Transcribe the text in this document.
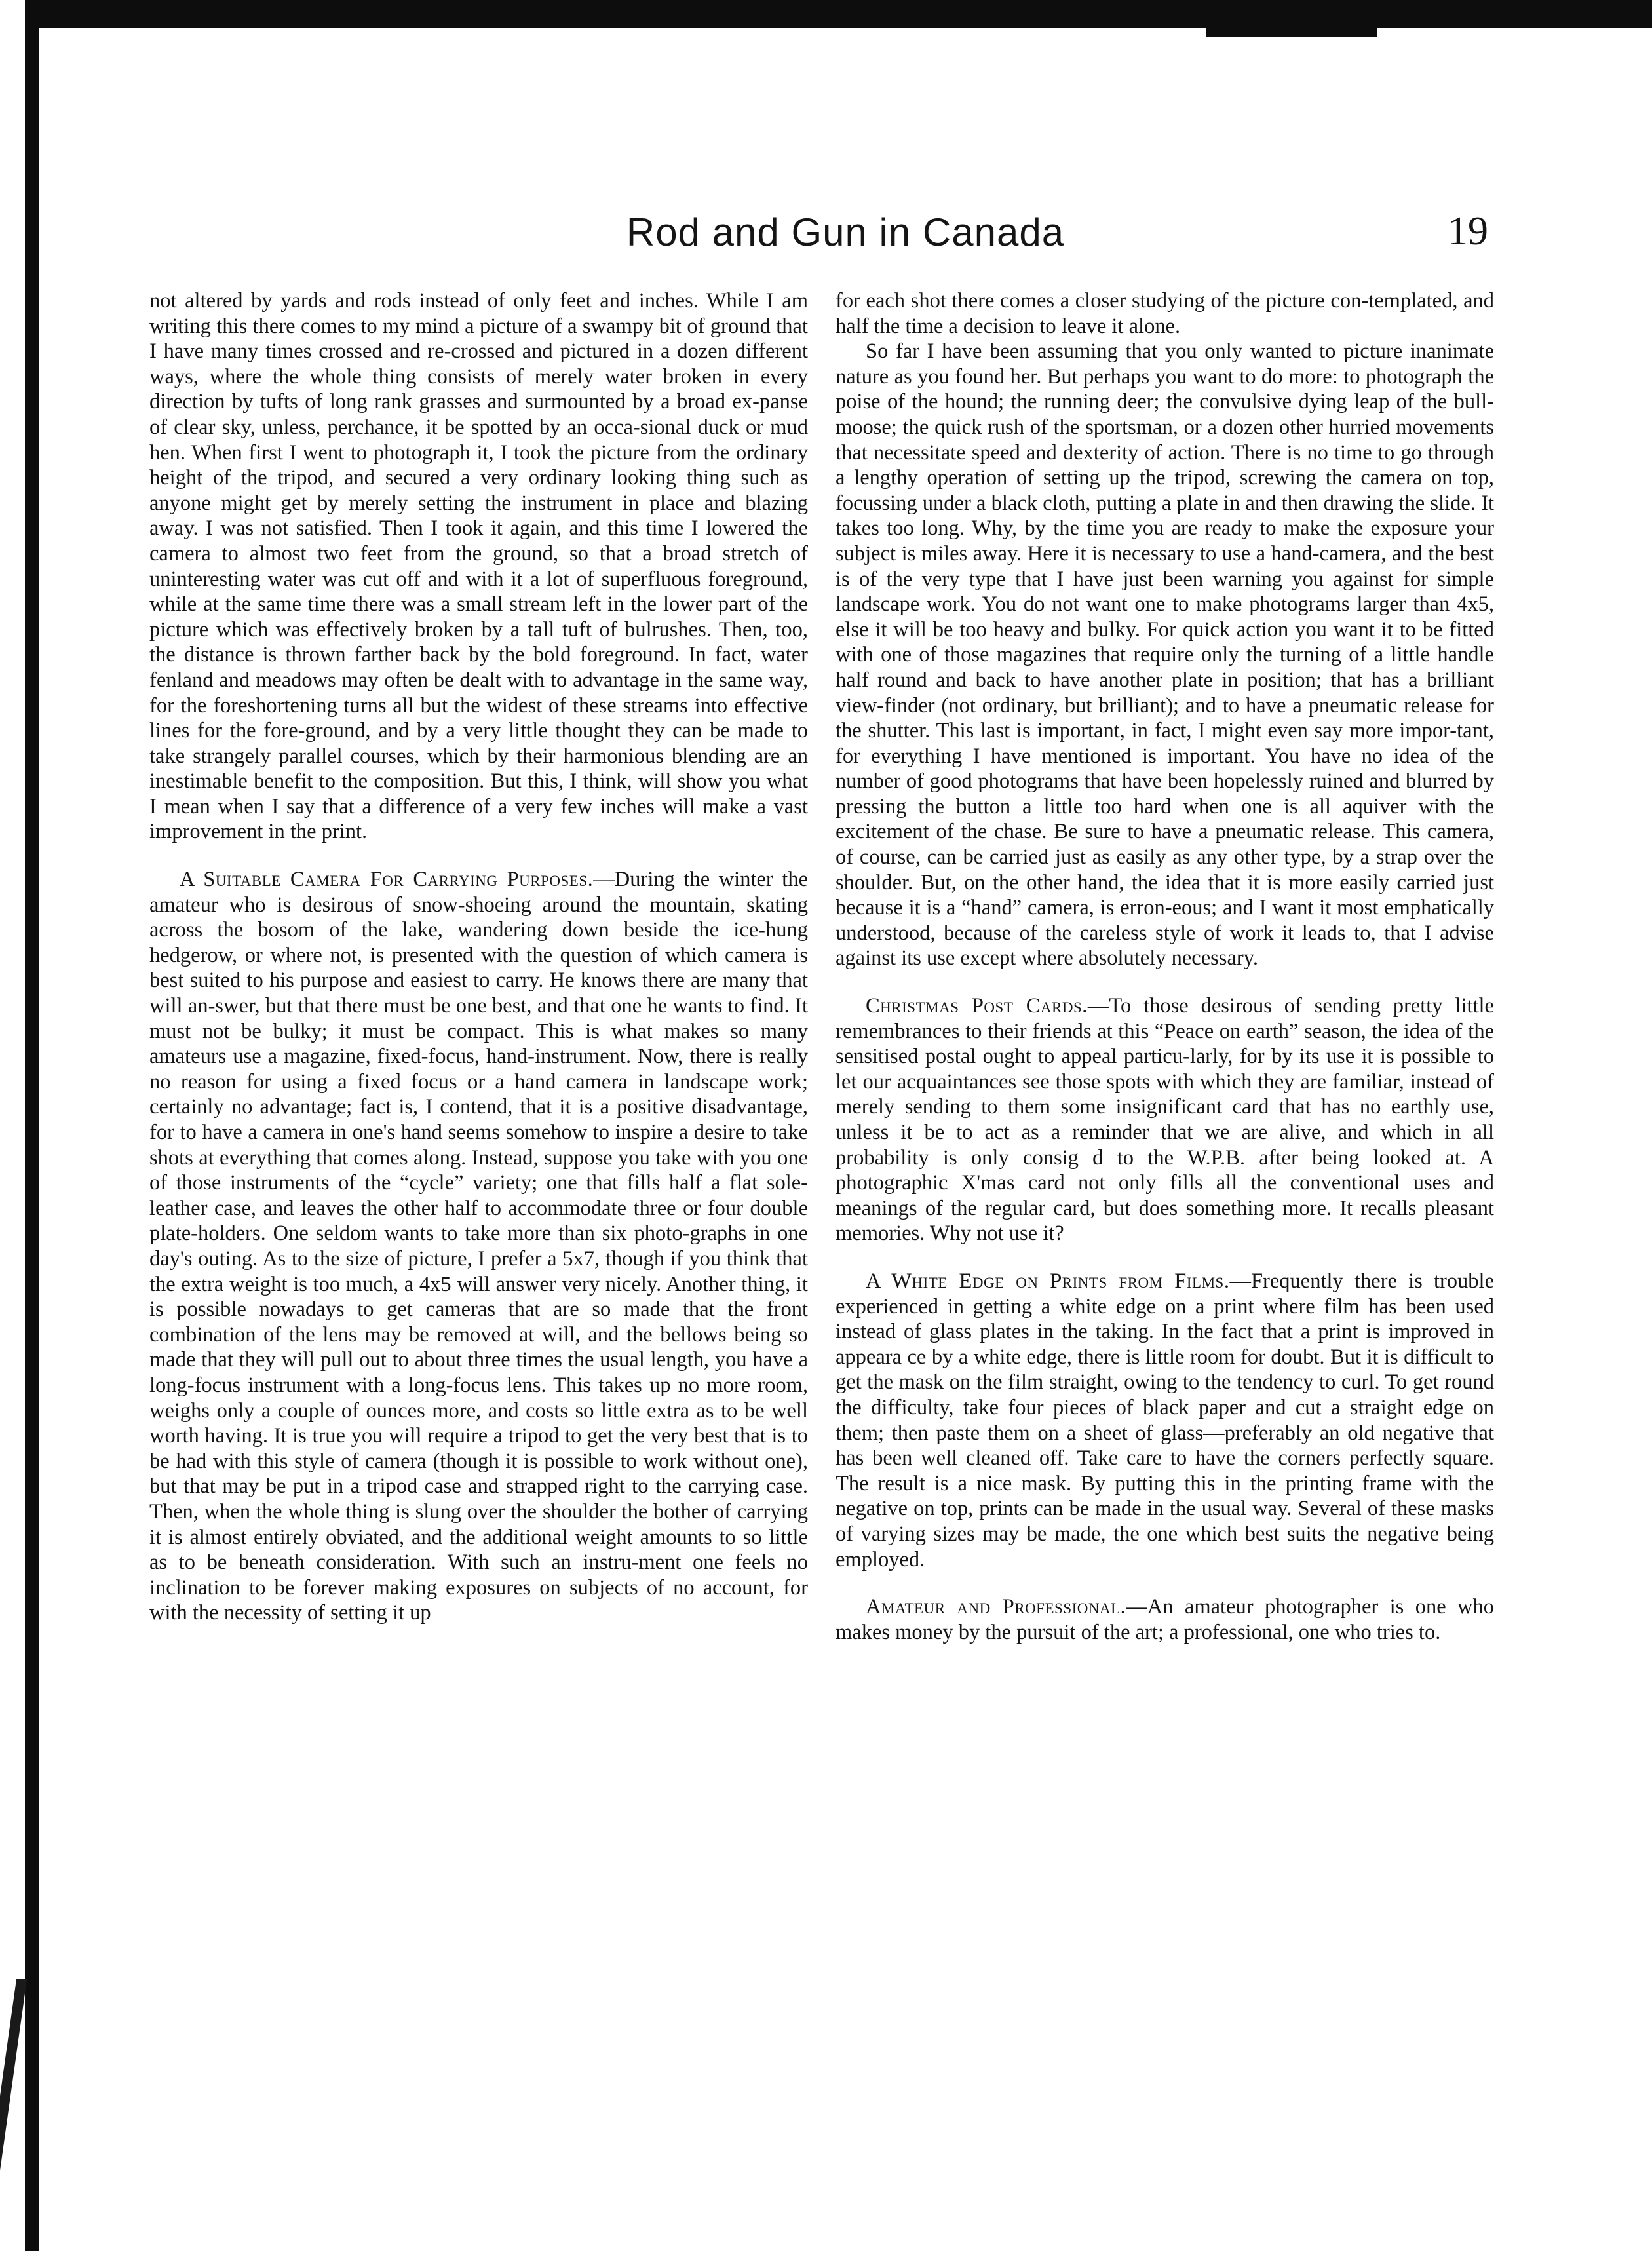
Rod and Gun in Canada	19

not altered by yards and rods instead of only feet and inches. While I am writing this there comes to my mind a picture of a swampy bit of ground that I have many times crossed and re-crossed and pictured in a dozen different ways, where the whole thing consists of merely water broken in every direction by tufts of long rank grasses and surmounted by a broad ex-panse of clear sky, unless, perchance, it be spotted by an occa-sional duck or mud hen. When first I went to photograph it, I took the picture from the ordinary height of the tripod, and secured a very ordinary looking thing such as anyone might get by merely setting the instrument in place and blazing away. I was not satisfied. Then I took it again, and this time I lowered the camera to almost two feet from the ground, so that a broad stretch of uninteresting water was cut off and with it a lot of superfluous foreground, while at the same time there was a small stream left in the lower part of the picture which was effectively broken by a tall tuft of bulrushes. Then, too, the distance is thrown farther back by the bold foreground. In fact, water fenland and meadows may often be dealt with to advantage in the same way, for the foreshortening turns all but the widest of these streams into effective lines for the fore-ground, and by a very little thought they can be made to take strangely parallel courses, which by their harmonious blending are an inestimable benefit to the composition. But this, I think, will show you what I mean when I say that a difference of a very few inches will make a vast improvement in the print.

A Suitable Camera For Carrying Purposes.—During the winter the amateur who is desirous of snow-shoeing around the mountain, skating across the bosom of the lake, wandering down beside the ice-hung hedgerow, or where not, is presented with the question of which camera is best suited to his purpose and easiest to carry. He knows there are many that will an-swer, but that there must be one best, and that one he wants to find. It must not be bulky; it must be compact. This is what makes so many amateurs use a magazine, fixed-focus, hand-instrument. Now, there is really no reason for using a fixed focus or a hand camera in landscape work; certainly no advantage; fact is, I contend, that it is a positive disadvantage, for to have a camera in one's hand seems somehow to inspire a desire to take shots at everything that comes along. Instead, suppose you take with you one of those instruments of the “cycle” variety; one that fills half a flat sole-leather case, and leaves the other half to accommodate three or four double plate-holders. One seldom wants to take more than six photo-graphs in one day's outing. As to the size of picture, I prefer a 5x7, though if you think that the extra weight is too much, a 4x5 will answer very nicely. Another thing, it is possible nowadays to get cameras that are so made that the front combination of the lens may be removed at will, and the bellows being so made that they will pull out to about three times the usual length, you have a long-focus instrument with a long-focus lens. This takes up no more room, weighs only a couple of ounces more, and costs so little extra as to be well worth having. It is true you will require a tripod to get the very best that is to be had with this style of camera (though it is possible to work without one), but that may be put in a tripod case and strapped right to the carrying case. Then, when the whole thing is slung over the shoulder the bother of carrying it is almost entirely obviated, and the additional weight amounts to so little as to be beneath consideration. With such an instru-ment one feels no inclination to be forever making exposures on subjects of no account, for with the necessity of setting it up

for each shot there comes a closer studying of the picture con-templated, and half the time a decision to leave it alone.

So far I have been assuming that you only wanted to picture inanimate nature as you found her. But perhaps you want to do more: to photograph the poise of the hound; the running deer; the convulsive dying leap of the bull-moose; the quick rush of the sportsman, or a dozen other hurried movements that necessitate speed and dexterity of action. There is no time to go through a lengthy operation of setting up the tripod, screwing the camera on top, focussing under a black cloth, putting a plate in and then drawing the slide. It takes too long. Why, by the time you are ready to make the exposure your subject is miles away. Here it is necessary to use a hand-camera, and the best is of the very type that I have just been warning you against for simple landscape work. You do not want one to make photograms larger than 4x5, else it will be too heavy and bulky. For quick action you want it to be fitted with one of those magazines that require only the turning of a little handle half round and back to have another plate in position; that has a brilliant view-finder (not ordinary, but brilliant); and to have a pneumatic release for the shutter. This last is important, in fact, I might even say more impor-tant, for everything I have mentioned is important. You have no idea of the number of good photograms that have been hopelessly ruined and blurred by pressing the button a little too hard when one is all aquiver with the excitement of the chase. Be sure to have a pneumatic release. This camera, of course, can be carried just as easily as any other type, by a strap over the shoulder. But, on the other hand, the idea that it is more easily carried just because it is a “hand” camera, is erron-eous; and I want it most emphatically understood, because of the careless style of work it leads to, that I advise against its use except where absolutely necessary.

Christmas Post Cards.—To those desirous of sending pretty little remembrances to their friends at this “Peace on earth” season, the idea of the sensitised postal ought to appeal particu-larly, for by its use it is possible to let our acquaintances see those spots with which they are familiar, instead of merely sending to them some insignificant card that has no earthly use, unless it be to act as a reminder that we are alive, and which in all probability is only consig d to the W.P.B. after being looked at. A photographic X'mas card not only fills all the conventional uses and meanings of the regular card, but does something more. It recalls pleasant memories. Why not use it?

A White Edge on Prints from Films.—Frequently there is trouble experienced in getting a white edge on a print where film has been used instead of glass plates in the taking. In the fact that a print is improved in appeara ce by a white edge, there is little room for doubt. But it is difficult to get the mask on the film straight, owing to the tendency to curl. To get round the difficulty, take four pieces of black paper and cut a straight edge on them; then paste them on a sheet of glass—preferably an old negative that has been well cleaned off. Take care to have the corners perfectly square. The result is a nice mask. By putting this in the printing frame with the negative on top, prints can be made in the usual way. Several of these masks of varying sizes may be made, the one which best suits the negative being employed.

Amateur and Professional.—An amateur photographer is one who makes money by the pursuit of the art; a professional, one who tries to.
